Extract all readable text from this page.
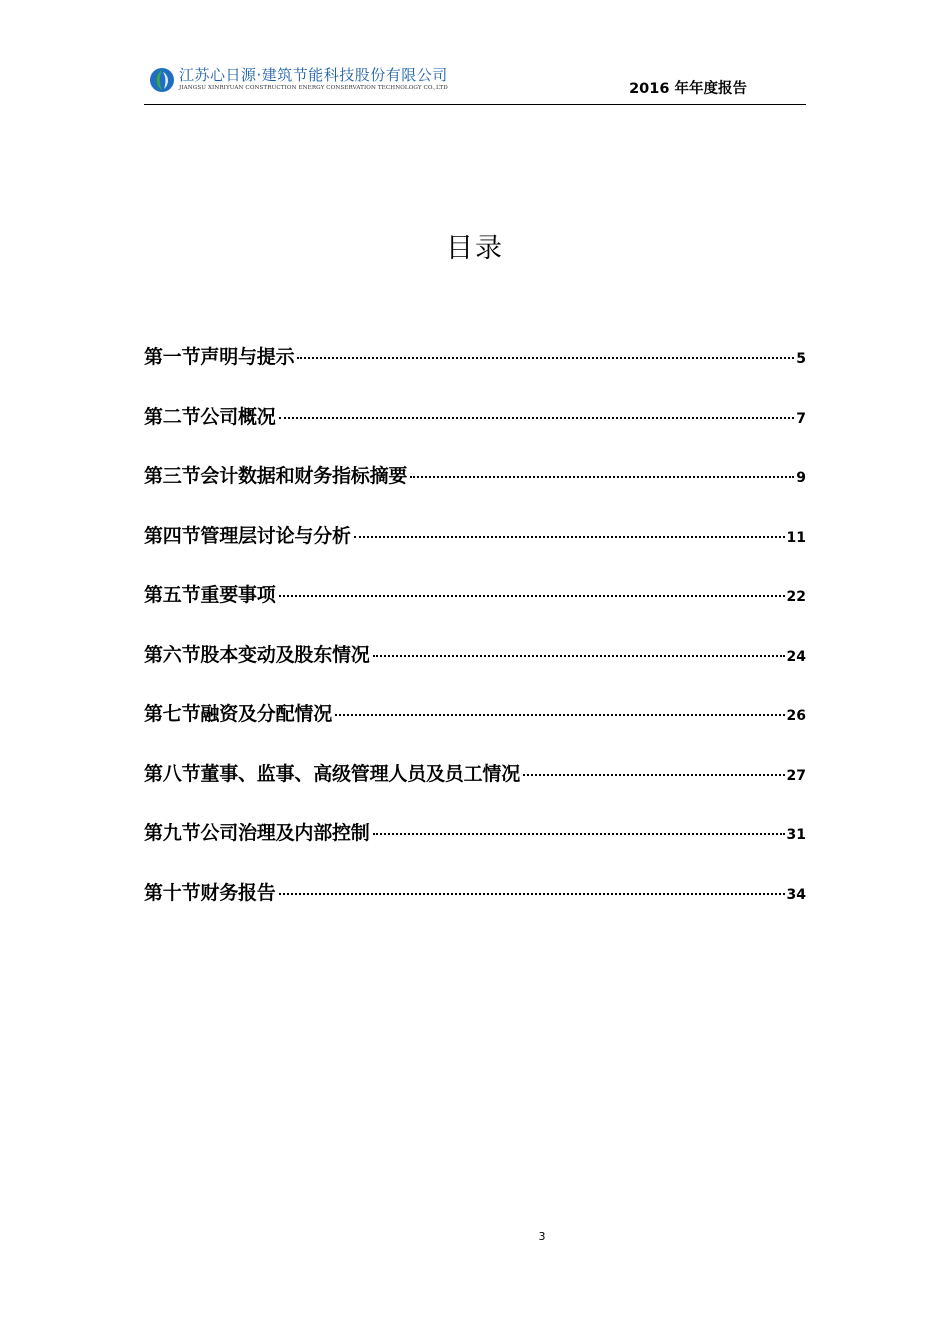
江苏心日源·建筑节能科技股份有限公司
JIANGSU XINRIYUAN CONSTRUCTION ENERGY CONSERVATION TECHNOLOGY CO.,LTD	2016 年年度报告
目录
第一节声明与提示	5
第二节公司概况	7
第三节会计数据和财务指标摘要	9
第四节管理层讨论与分析	11
第五节重要事项	22
第六节股本变动及股东情况	24
第七节融资及分配情况	26
第八节董事、监事、高级管理人员及员工情况	27
第九节公司治理及内部控制	31
第十节财务报告	34
3
